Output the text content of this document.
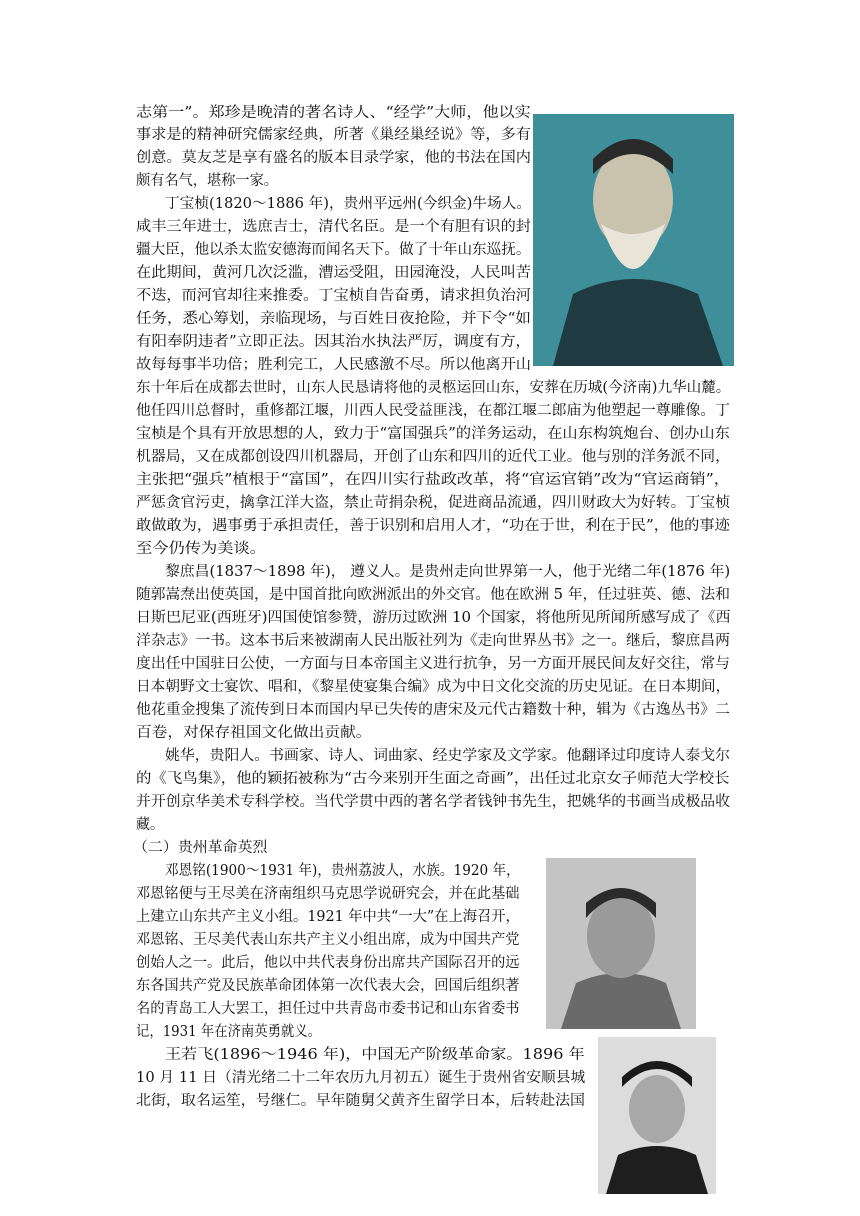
志第一”。郑珍是晚清的著名诗人、“经学”大师，他以实
事求是的精神研究儒家经典，所著《巢经巢经说》等，多有
创意。莫友芝是享有盛名的版本目录学家，他的书法在国内
颇有名气，堪称一家。
丁宝桢(1820～1886 年)，贵州平远州(今织金)牛场人。
咸丰三年进士，选庶吉士，清代名臣。是一个有胆有识的封
疆大臣，他以杀太监安德海而闻名天下。做了十年山东巡抚。
在此期间，黄河几次泛滥，漕运受阻，田园淹没，人民叫苦
不迭，而河官却往来推委。丁宝桢自告奋勇，请求担负治河
任务，悉心筹划，亲临现场，与百姓日夜抢险，并下令“如
有阳奉阴违者”立即正法。因其治水执法严厉，调度有方，
故每每事半功倍；胜利完工，人民感激不尽。所以他离开山
东十年后在成都去世时，山东人民恳请将他的灵柩运回山东，安葬在历城(今济南)九华山麓。
他任四川总督时，重修都江堰，川西人民受益匪浅，在都江堰二郎庙为他塑起一尊雕像。丁
宝桢是个具有开放思想的人，致力于“富国强兵”的洋务运动，在山东构筑炮台、创办山东
机器局，又在成都创设四川机器局，开创了山东和四川的近代工业。他与别的洋务派不同，
主张把“强兵”植根于“富国”，在四川实行盐政改革，将“官运官销”改为“官运商销”，
严惩贪官污吏，擒拿江洋大盗，禁止苛捐杂税，促进商品流通，四川财政大为好转。丁宝桢
敢做敢为，遇事勇于承担责任，善于识别和启用人才，“功在于世，利在于民”，他的事迹
至今仍传为美谈。
黎庶昌(1837～1898 年)， 遵义人。是贵州走向世界第一人，他于光绪二年(1876 年)
随郭嵩焘出使英国，是中国首批向欧洲派出的外交官。他在欧洲 5 年，任过驻英、德、法和
日斯巴尼亚(西班牙)四国使馆参赞，游历过欧洲 10 个国家，将他所见所闻所感写成了《西
洋杂志》一书。这本书后来被湖南人民出版社列为《走向世界丛书》之一。继后，黎庶昌两
度出任中国驻日公使，一方面与日本帝国主义进行抗争，另一方面开展民间友好交往，常与
日本朝野文士宴饮、唱和，《黎星使宴集合编》成为中日文化交流的历史见证。在日本期间，
他花重金搜集了流传到日本而国内早已失传的唐宋及元代古籍数十种，辑为《古逸丛书》二
百卷，对保存祖国文化做出贡献。
姚华，贵阳人。书画家、诗人、词曲家、经史学家及文学家。他翻译过印度诗人泰戈尔
的《飞鸟集》，他的颖拓被称为“古今来别开生面之奇画”，出任过北京女子师范大学校长
并开创京华美术专科学校。当代学贯中西的著名学者钱钟书先生，把姚华的书画当成极品收
藏。
（二）贵州革命英烈
邓恩铭(1900～1931 年)，贵州荔波人，水族。1920 年，
邓恩铭便与王尽美在济南组织马克思学说研究会，并在此基础
上建立山东共产主义小组。1921 年中共“一大”在上海召开，
邓恩铭、王尽美代表山东共产主义小组出席，成为中国共产党
创始人之一。此后，他以中共代表身份出席共产国际召开的远
东各国共产党及民族革命团体第一次代表大会，回国后组织著
名的青岛工人大罢工，担任过中共青岛市委书记和山东省委书
记，1931 年在济南英勇就义。
王若飞(1896～1946 年)，中国无产阶级革命家。1896 年
10 月 11 日（清光绪二十二年农历九月初五）诞生于贵州省安顺县城
北街，取名运笙，号继仁。早年随舅父黄齐生留学日本，后转赴法国
